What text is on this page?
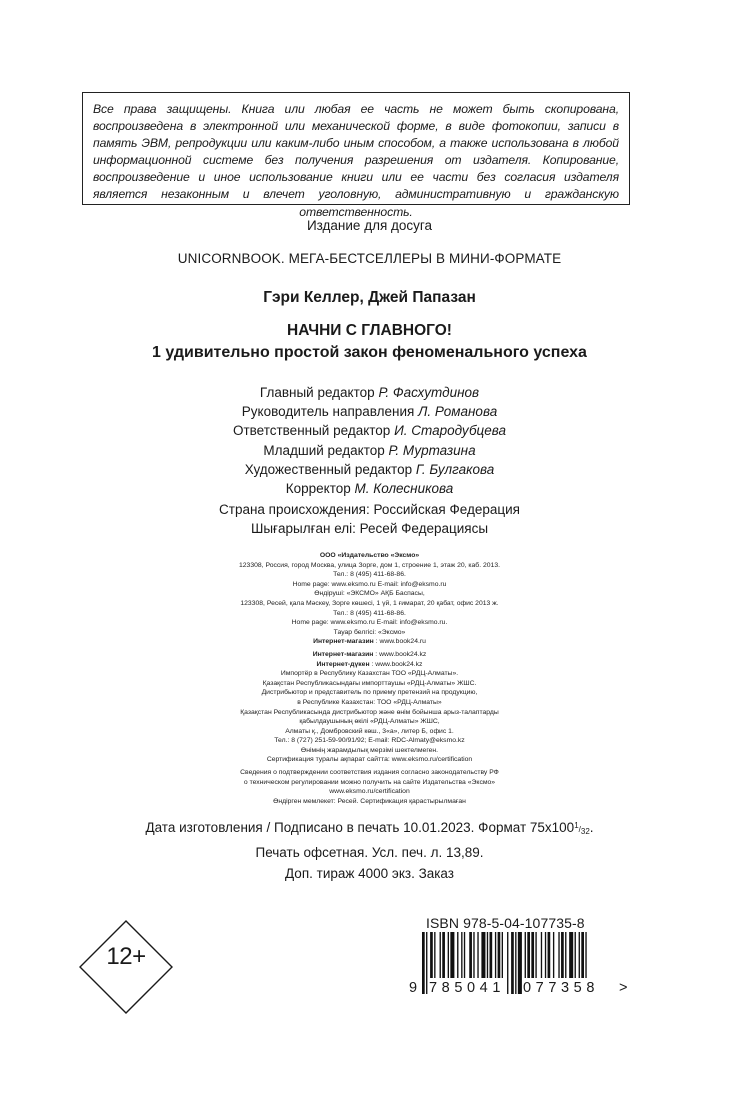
Все права защищены. Книга или любая ее часть не может быть скопирована, воспроизведена в электронной или механической форме, в виде фотокопии, записи в память ЭВМ, репродукции или каким-либо иным способом, а также использована в любой информационной системе без получения разрешения от издателя. Копирование, воспроизведение и иное использование книги или ее части без согласия издателя является незаконным и влечет уголовную, административную и гражданскую ответственность.

Издание для досуга
UNICORNBOOK. МЕГА-БЕСТСЕЛЛЕРЫ В МИНИ-ФОРМАТЕ
Гэри Келлер, Джей Папазан
НАЧНИ С ГЛАВНОГО!
1 удивительно простой закон феноменального успеха
Главный редактор Р. Фасхутдинов
Руководитель направления Л. Романова
Ответственный редактор И. Стародубцева
Младший редактор Р. Муртазина
Художественный редактор Г. Булгакова
Корректор М. Колесникова
Страна происхождения: Российская Федерация
Шығарылған елі: Ресей Федерациясы
ООО «Издательство «Эксмо»
123308, Россия, город Москва, улица Зорге, дом 1, строение 1, этаж 20, каб. 2013.
Тел.: 8 (495) 411-68-86.
Home page: www.eksmo.ru E-mail: info@eksmo.ru
Өндіруші: «ЭКСМО» АҚБ Баспасы,
123308, Ресей, қала Мәскеу, Зорге көшесі, 1 үй, 1 ғимарат, 20 қабат, офис 2013 ж.
Тел.: 8 (495) 411-68-86.
Home page: www.eksmo.ru E-mail: info@eksmo.ru.
Тауар белгісі: «Эксмо»
Интернет-магазин : www.book24.ru
Интернет-магазин : www.book24.kz
Интернет-дүкен : www.book24.kz
Импортёр в Республику Казахстан ТОО «РДЦ-Алматы».
Қазақстан Республикасындағы импорттаушы «РДЦ-Алматы» ЖШС.
Дистрибьютор и представитель по приему претензий на продукцию,
в Республике Казахстан: ТОО «РДЦ-Алматы»
Қазақстан Республикасында дистрибьютор және өнім бойынша арыз-талаптарды
қабылдаушының өкілі «РДЦ-Алматы» ЖШС,
Алматы қ., Домбровский көш., 3«а», литер Б, офис 1.
Тел.: 8 (727) 251-59-90/91/92; E-mail: RDC-Almaty@eksmo.kz
Өнімнің жарамдылық мерзімі шектелмеген.
Сертификация туралы ақпарат сайтта: www.eksmo.ru/certification
Сведения о подтверждении соответствия издания согласно законодательству РФ
о техническом регулировании можно получить на сайте Издательства «Эксмо»
www.eksmo.ru/certification
Өндірген мемлекет: Ресей. Сертификация қарастырылмаған
Дата изготовления / Подписано в печать 10.01.2023. Формат $75x100^1/_{32}$.
Печать офсетная. Усл. печ. л. 13,89.
Доп. тираж 4000 экз. Заказ
12+
ISBN 978-5-04-107735-8
9 785041 077358 >
